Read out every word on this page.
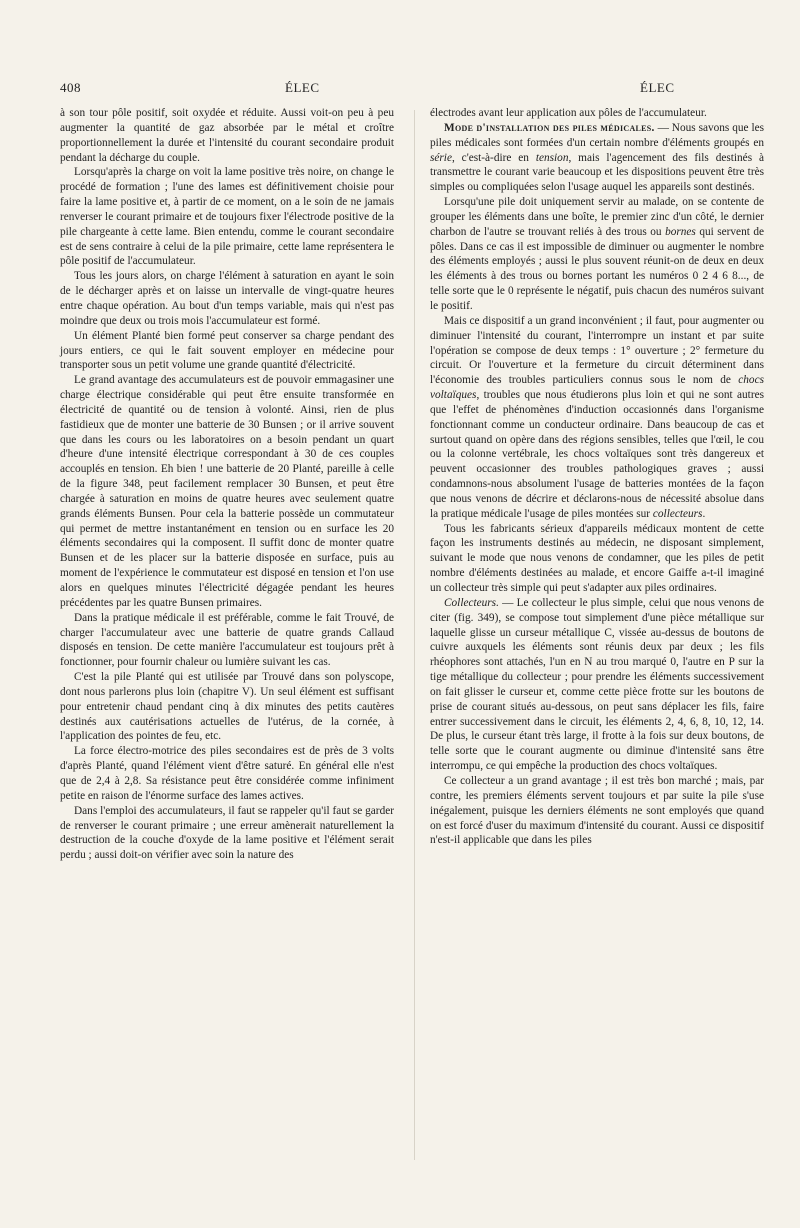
408	ÉLEC	ÉLEC

à son tour pôle positif, soit oxydée et réduite. Aussi voit-on peu à peu augmenter la quantité de gaz absorbée par le métal et croître proportionnellement la durée et l'intensité du courant secondaire produit pendant la décharge du couple.

Lorsqu'après la charge on voit la lame positive très noire, on change le procédé de formation ; l'une des lames est définitivement choisie pour faire la lame positive et, à partir de ce moment, on a le soin de ne jamais renverser le courant primaire et de toujours fixer l'électrode positive de la pile chargeante à cette lame. Bien entendu, comme le courant secondaire est de sens contraire à celui de la pile primaire, cette lame représentera le pôle positif de l'accumulateur.

Tous les jours alors, on charge l'élément à saturation en ayant le soin de le décharger après et on laisse un intervalle de vingt-quatre heures entre chaque opération. Au bout d'un temps variable, mais qui n'est pas moindre que deux ou trois mois l'accumulateur est formé.

Un élément Planté bien formé peut conserver sa charge pendant des jours entiers, ce qui le fait souvent employer en médecine pour transporter sous un petit volume une grande quantité d'électricité.

Le grand avantage des accumulateurs est de pouvoir emmagasiner une charge électrique considérable qui peut être ensuite transformée en électricité de quantité ou de tension à volonté. Ainsi, rien de plus fastidieux que de monter une batterie de 30 Bunsen ; or il arrive souvent que dans les cours ou les laboratoires on a besoin pendant un quart d'heure d'une intensité électrique correspondant à 30 de ces couples accouplés en tension. Eh bien ! une batterie de 20 Planté, pareille à celle de la figure 348, peut facilement remplacer 30 Bunsen, et peut être chargée à saturation en moins de quatre heures avec seulement quatre grands éléments Bunsen. Pour cela la batterie possède un commutateur qui permet de mettre instantanément en tension ou en surface les 20 éléments secondaires qui la composent. Il suffit donc de monter quatre Bunsen et de les placer sur la batterie disposée en surface, puis au moment de l'expérience le commutateur est disposé en tension et l'on use alors en quelques minutes l'électricité dégagée pendant les heures précédentes par les quatre Bunsen primaires.

Dans la pratique médicale il est préférable, comme le fait Trouvé, de charger l'accumulateur avec une batterie de quatre grands Callaud disposés en tension. De cette manière l'accumulateur est toujours prêt à fonctionner, pour fournir chaleur ou lumière suivant les cas.

C'est la pile Planté qui est utilisée par Trouvé dans son polyscope, dont nous parlerons plus loin (chapitre V). Un seul élément est suffisant pour entretenir chaud pendant cinq à dix minutes des petits cautères destinés aux cautérisations actuelles de l'utérus, de la cornée, à l'application des pointes de feu, etc.

La force électro-motrice des piles secondaires est de près de 3 volts d'après Planté, quand l'élément vient d'être saturé. En général elle n'est que de 2,4 à 2,8. Sa résistance peut être considérée comme infiniment petite en raison de l'énorme surface des lames actives.

Dans l'emploi des accumulateurs, il faut se rappeler qu'il faut se garder de renverser le courant primaire ; une erreur amènerait naturellement la destruction de la couche d'oxyde de la lame positive et l'élément serait perdu ; aussi doit-on vérifier avec soin la nature des

électrodes avant leur application aux pôles de l'accumulateur.

Mode d'installation des piles médicales. — Nous savons que les piles médicales sont formées d'un certain nombre d'éléments groupés en série, c'est-à-dire en tension, mais l'agencement des fils destinés à transmettre le courant varie beaucoup et les dispositions peuvent être très simples ou compliquées selon l'usage auquel les appareils sont destinés.

Lorsqu'une pile doit uniquement servir au malade, on se contente de grouper les éléments dans une boîte, le premier zinc d'un côté, le dernier charbon de l'autre se trouvant reliés à des trous ou bornes qui servent de pôles. Dans ce cas il est impossible de diminuer ou augmenter le nombre des éléments employés ; aussi le plus souvent réunit-on de deux en deux les éléments à des trous ou bornes portant les numéros 0 2 4 6 8..., de telle sorte que le 0 représente le négatif, puis chacun des numéros suivant le positif.

Mais ce dispositif a un grand inconvénient ; il faut, pour augmenter ou diminuer l'intensité du courant, l'interrompre un instant et par suite l'opération se compose de deux temps : 1° ouverture ; 2° fermeture du circuit. Or l'ouverture et la fermeture du circuit déterminent dans l'économie des troubles particuliers connus sous le nom de chocs voltaïques, troubles que nous étudierons plus loin et qui ne sont autres que l'effet de phénomènes d'induction occasionnés dans l'organisme fonctionnant comme un conducteur ordinaire. Dans beaucoup de cas et surtout quand on opère dans des régions sensibles, telles que l'œil, le cou ou la colonne vertébrale, les chocs voltaïques sont très dangereux et peuvent occasionner des troubles pathologiques graves ; aussi condamnons-nous absolument l'usage de batteries montées de la façon que nous venons de décrire et déclarons-nous de nécessité absolue dans la pratique médicale l'usage de piles montées sur collecteurs.

Tous les fabricants sérieux d'appareils médicaux montent de cette façon les instruments destinés au médecin, ne disposant simplement, suivant le mode que nous venons de condamner, que les piles de petit nombre d'éléments destinées au malade, et encore Gaiffe a-t-il imaginé un collecteur très simple qui peut s'adapter aux piles ordinaires.

Collecteurs. — Le collecteur le plus simple, celui que nous venons de citer (fig. 349), se compose tout simplement d'une pièce métallique sur laquelle glisse un curseur métallique C, vissée au-dessus de boutons de cuivre auxquels les éléments sont réunis deux par deux ; les fils rhéophores sont attachés, l'un en N au trou marqué 0, l'autre en P sur la tige métallique du collecteur ; pour prendre les éléments successivement on fait glisser le curseur et, comme cette pièce frotte sur les boutons de prise de courant situés au-dessous, on peut sans déplacer les fils, faire entrer successivement dans le circuit, les éléments 2, 4, 6, 8, 10, 12, 14. De plus, le curseur étant très large, il frotte à la fois sur deux boutons, de telle sorte que le courant augmente ou diminue d'intensité sans être interrompu, ce qui empêche la production des chocs voltaïques.

Ce collecteur a un grand avantage ; il est très bon marché ; mais, par contre, les premiers éléments servent toujours et par suite la pile s'use inégalement, puisque les derniers éléments ne sont employés que quand on est forcé d'user du maximum d'intensité du courant. Aussi ce dispositif n'est-il applicable que dans les piles
